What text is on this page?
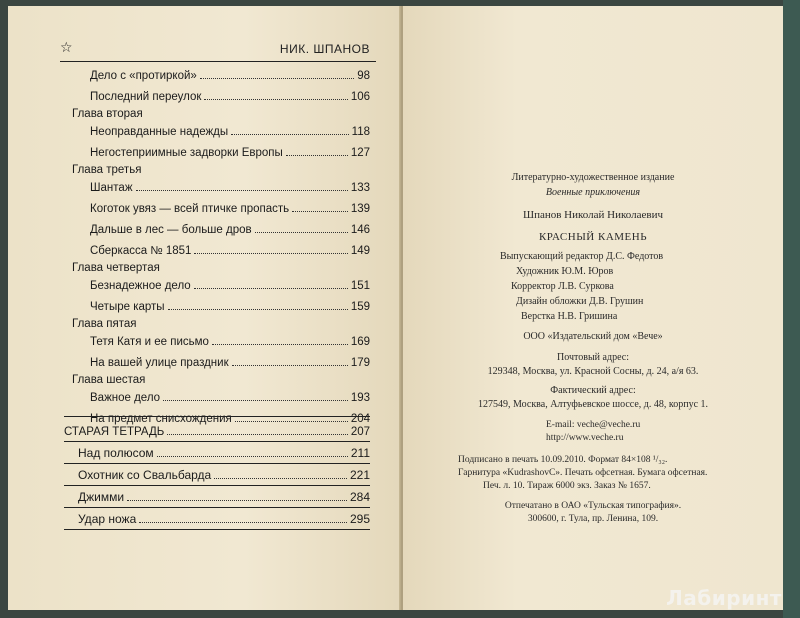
☆	НИК. ШПАНОВ
Дело с «протиркой»	98
Последний переулок	106
Глава вторая
Неоправданные надежды	118
Негостеприимные задворки Европы	127
Глава третья
Шантаж	133
Коготок увяз — всей птичке пропасть	139
Дальше в лес — больше дров	146
Сберкасса № 1851	149
Глава четвертая
Безнадежное дело	151
Четыре карты	159
Глава пятая
Тетя Катя и ее письмо	169
На вашей улице праздник	179
Глава шестая
Важное дело	193
На предмет снисхождения	204
СТАРАЯ ТЕТРАДЬ	207
Над полюсом	211
Охотник со Свальбарда	221
Джимми	284
Удар ножа	295
Литературно-художественное издание
Военные приключения
Шпанов Николай Николаевич
КРАСНЫЙ КАМЕНЬ
Выпускающий редактор Д.С. Федотов
Художник Ю.М. Юров
Корректор Л.В. Суркова
Дизайн обложки Д.В. Грушин
Верстка Н.В. Гришина
ООО «Издательский дом «Вече»
Почтовый адрес:
129348, Москва, ул. Красной Сосны, д. 24, а/я 63.
Фактический адрес:
127549, Москва, Алтуфьевское шоссе, д. 48, корпус 1.
E-mail: veche@veche.ru
http://www.veche.ru
Подписано в печать 10.09.2010. Формат 84×108 ¹/₃₂.
Гарнитура «KudrashovC». Печать офсетная. Бумага офсетная.
Печ. л. 10. Тираж 6000 экз. Заказ № 1657.
Отпечатано в ОАО «Тульская типография».
300600, г. Тула, пр. Ленина, 109.
Лабиринт
